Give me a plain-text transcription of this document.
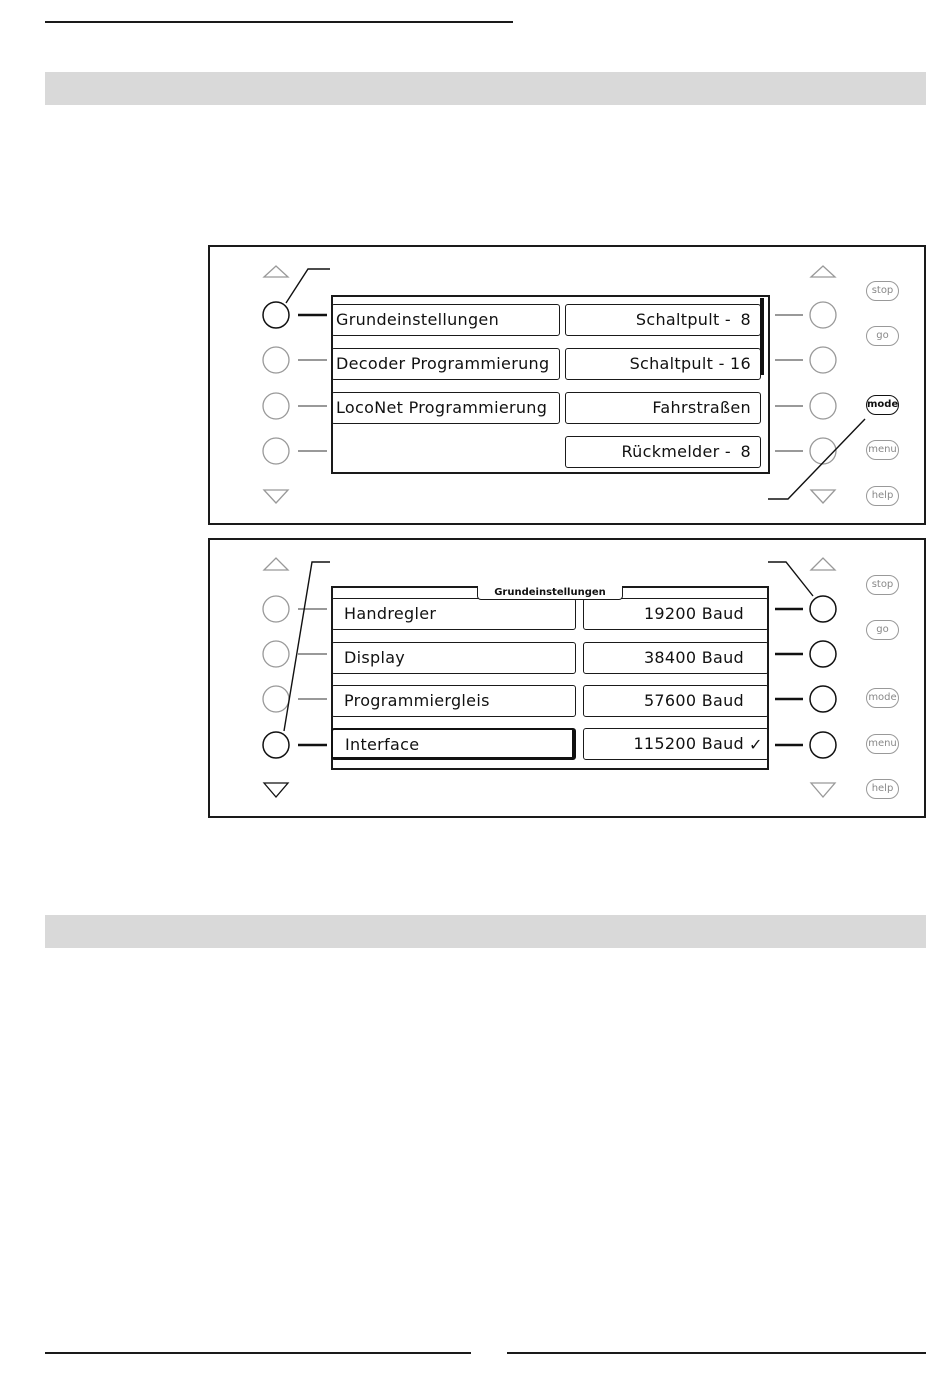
Grundeinstellungen
Decoder Programmierung
LocoNet Programmierung
Schaltpult - 8
Schaltpult - 16
Fahrstraßen
Rückmelder - 8
stop
go
mode
menu
help
Handregler
Display
Programmiergleis
Interface
19200 Baud
38400 Baud
57600 Baud
115200 Baud ✓
Grundeinstellungen
stop
go
mode
menu
help
